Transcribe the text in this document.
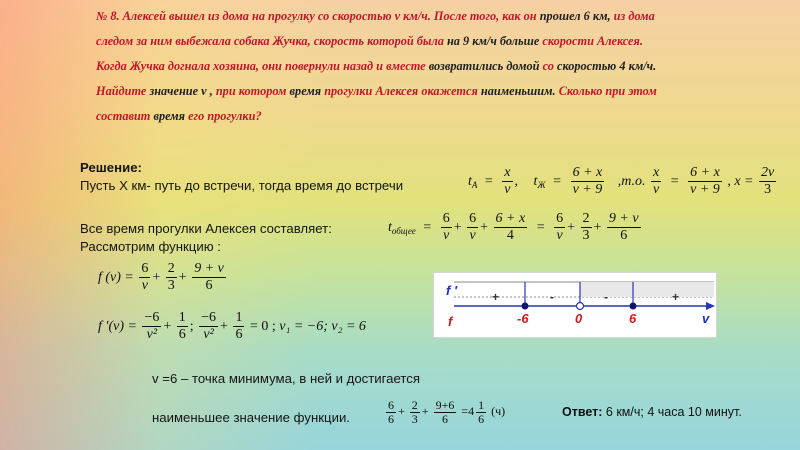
№ 8. Алексей вышел из дома на прогулку со скоростью v км/ч. После того, как он прошел 6 км, из дома
следом за ним выбежала собака Жучка, скорость которой была на 9 км/ч больше скорости Алексея.
Когда Жучка догнала хозяина, они повернули назад и вместе возвратились домой со скоростью 4 км/ч.
Найдите значение v , при котором время прогулки Алексея окажется наименьшим. Сколько при этом
составит время его прогулки?
Решение:
Пусть Х км- путь до встречи, тогда время до встречи	$t_A = \frac{x}{v}$ , $t_Ж = \frac{6 + x}{v + 9} ,т.о$. $\frac{x}{v} = \frac{6 + x}{v + 9}$ , $x = \frac{2v}{3}$
Все время прогулки Алексея составляет:
Рассмотрим функцию :
$t_{общее} = \frac{6}{v} + \frac{6}{v} + \frac{6 + x}{4} = \frac{6}{v} + \frac{2}{3} + \frac{9 + v}{6}$
f $(v) = \frac{6}{v} + \frac{2}{3} + \frac{9 + v}{6}$
f $'(v) = \frac{-6}{\text{v²}} + \frac{1}{6}$ ; $\frac{-6}{\text{v²}} + \frac{1}{6} = 0$ ; v₁ = −6; v₂ = 6
f ′
f
+	-	-	+
-6	0	6	v
v =6 – точка минимума, в ней и достигается
наименьшее значение функции.	$\frac{6}{6} + \frac{2}{3} + \frac{9+6}{6} =4 \frac{1}{6} (ч)$	Ответ: 6 км/ч; 4 часа 10 минут.
